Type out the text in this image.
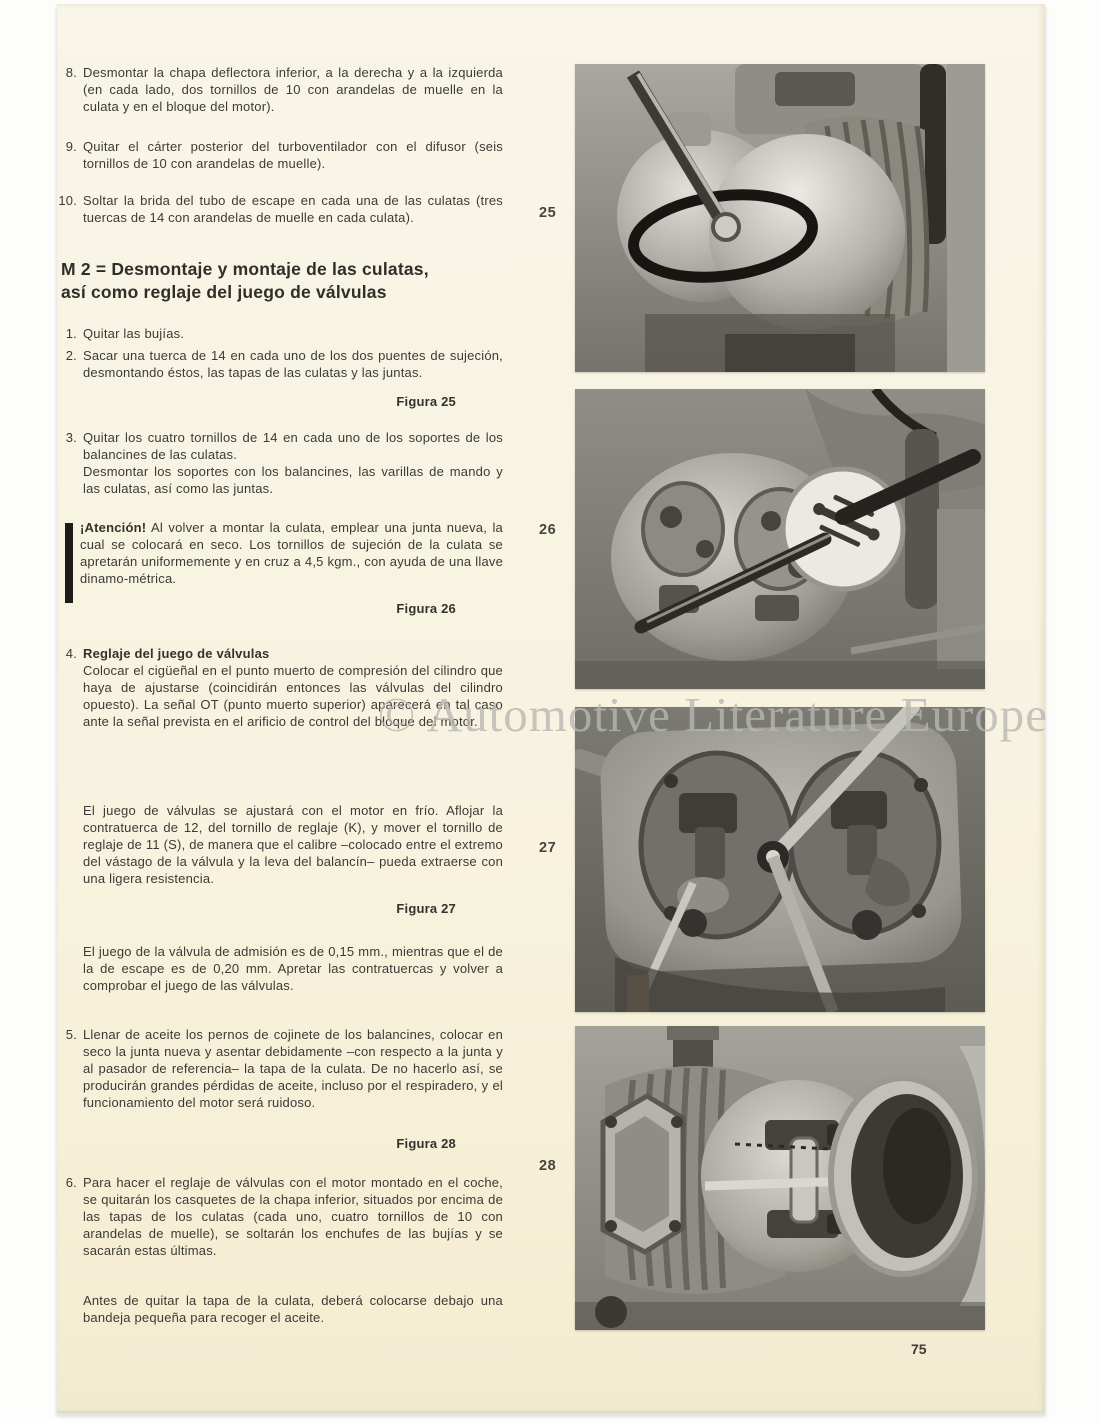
8. Desmontar la chapa deflectora inferior, a la derecha y a la izquierda (en cada lado, dos tornillos de 10 con arandelas de muelle en la culata y en el bloque del motor).
9. Quitar el cárter posterior del turboventilador con el difusor (seis tornillos de 10 con arandelas de muelle).
10. Soltar la brida del tubo de escape en cada una de las culatas (tres tuercas de 14 con arandelas de muelle en cada culata).
M 2 = Desmontaje y montaje de las culatas,
así como reglaje del juego de válvulas
1. Quitar las bujías.
2. Sacar una tuerca de 14 en cada uno de los dos puentes de sujeción, desmontando éstos, las tapas de las culatas y las juntas.
Figura 25
3. Quitar los cuatro tornillos de 14 en cada uno de los soportes de los balancines de las culatas.
Desmontar los soportes con los balancines, las varillas de mando y las culatas, así como las juntas.
¡Atención! Al volver a montar la culata, emplear una junta nueva, la cual se colocará en seco. Los tornillos de sujeción de la culata se apretarán uniformemente y en cruz a 4,5 kgm., con ayuda de una llave dinamo-métrica.
Figura 26
4. Reglaje del juego de válvulas
Colocar el cigüeñal en el punto muerto de compresión del cilindro que haya de ajustarse (coincidirán entonces las válvulas del cilindro opuesto). La señal OT (punto muerto superior) aparecerá en tal caso ante la señal prevista en el arificio de control del bloque del motor.
El juego de válvulas se ajustará con el motor en frío. Aflojar la contratuerca de 12, del tornillo de reglaje (K), y mover el tornillo de reglaje de 11 (S), de manera que el calibre –colocado entre el extremo del vástago de la válvula y la leva del balancín– pueda extraerse con una ligera resistencia.
Figura 27
El juego de la válvula de admisión es de 0,15 mm., mientras que el de la de escape es de 0,20 mm. Apretar las contratuercas y volver a comprobar el juego de las válvulas.
5. Llenar de aceite los pernos de cojinete de los balancines, colocar en seco la junta nueva y asentar debidamente –con respecto a la junta y al pasador de referencia– la tapa de la culata. De no hacerlo así, se producirán grandes pérdidas de aceite, incluso por el respiradero, y el funcionamiento del motor será ruidoso.
Figura 28
6. Para hacer el reglaje de válvulas con el motor montado en el coche, se quitarán los casquetes de la chapa inferior, situados por encima de las tapas de los culatas (cada uno, cuatro tornillos de 10 con arandelas de muelle), se soltarán los enchufes de las bujías y se sacarán estas últimas.
Antes de quitar la tapa de la culata, deberá colocarse debajo una bandeja pequeña para recoger el aceite.
25
26
27
28
© Automotive Literature Europe
75
